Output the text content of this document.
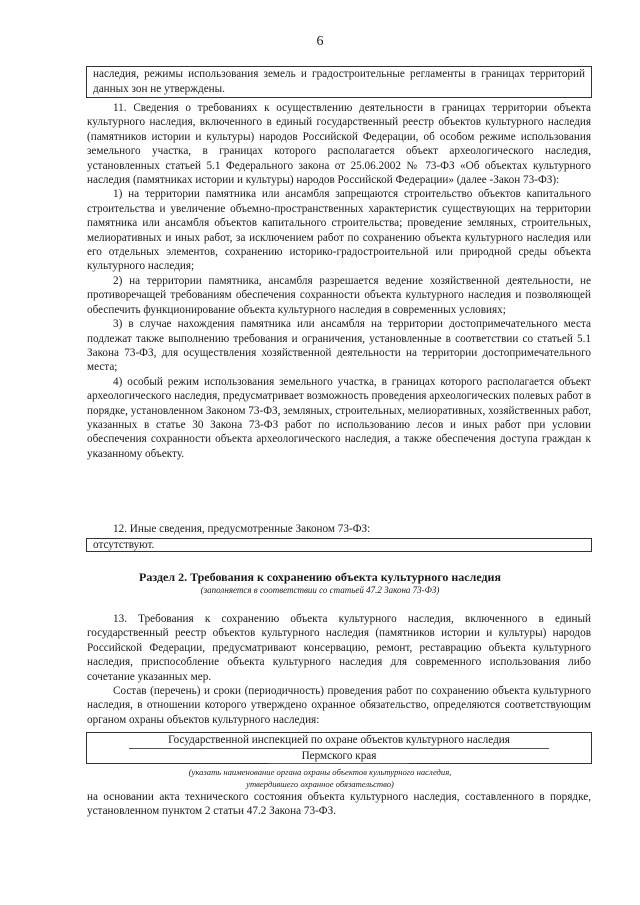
6
наследия, режимы использования земель и градостроительные регламенты в границах территорий данных зон не утверждены.

11. Сведения о требованиях к осуществлению деятельности в границах территории объекта культурного наследия, включенного в единый государственный реестр объектов культурного наследия (памятников истории и культуры) народов Российской Федерации, об особом режиме использования земельного участка, в границах которого располагается объект археологического наследия, установленных статьей 5.1 Федерального закона от 25.06.2002 № 73-ФЗ «Об объектах культурного наследия (памятниках истории и культуры) народов Российской Федерации» (далее -Закон 73-ФЗ):

1) на территории памятника или ансамбля запрещаются строительство объектов капитального строительства и увеличение объемно-пространственных характеристик существующих на территории памятника или ансамбля объектов капитального строительства; проведение земляных, строительных, мелиоративных и иных работ, за исключением работ по сохранению объекта культурного наследия или его отдельных элементов, сохранению историко-градостроительной или природной среды объекта культурного наследия;

2) на территории памятника, ансамбля разрешается ведение хозяйственной деятельности, не противоречащей требованиям обеспечения сохранности объекта культурного наследия и позволяющей обеспечить функционирование объекта культурного наследия в современных условиях;

3) в случае нахождения памятника или ансамбля на территории достопримечательного места подлежат также выполнению требования и ограничения, установленные в соответствии со статьей 5.1 Закона 73-ФЗ, для осуществления хозяйственной деятельности на территории достопримечательного места;

4) особый режим использования земельного участка, в границах которого располагается объект археологического наследия, предусматривает возможность проведения археологических полевых работ в порядке, установленном Законом 73-ФЗ, земляных, строительных, мелиоративных, хозяйственных работ, указанных в статье 30 Закона 73-ФЗ работ по использованию лесов и иных работ при условии обеспечения сохранности объекта археологического наследия, а также обеспечения доступа граждан к указанному объекту.

12. Иные сведения, предусмотренные Законом 73-ФЗ:

отсутствуют.
Раздел 2. Требования к сохранению объекта культурного наследия
(заполняется в соответствии со статьей 47.2 Закона 73-ФЗ)

13. Требования к сохранению объекта культурного наследия, включенного в единый государственный реестр объектов культурного наследия (памятников истории и культуры) народов Российской Федерации, предусматривают консервацию, ремонт, реставрацию объекта культурного наследия, приспособление объекта культурного наследия для современного использования либо сочетание указанных мер.

Состав (перечень) и сроки (периодичность) проведения работ по сохранению объекта культурного наследия, в отношении которого утверждено охранное обязательство, определяются соответствующим органом охраны объектов культурного наследия:

Государственной инспекцией по охране объектов культурного наследия
Пермского края
(указать наименование органа охраны объектов культурного наследия,
утвердившего охранное обязательство)

на основании акта технического состояния объекта культурного наследия, составленного в порядке, установленном пунктом 2 статьи 47.2 Закона 73-ФЗ.
